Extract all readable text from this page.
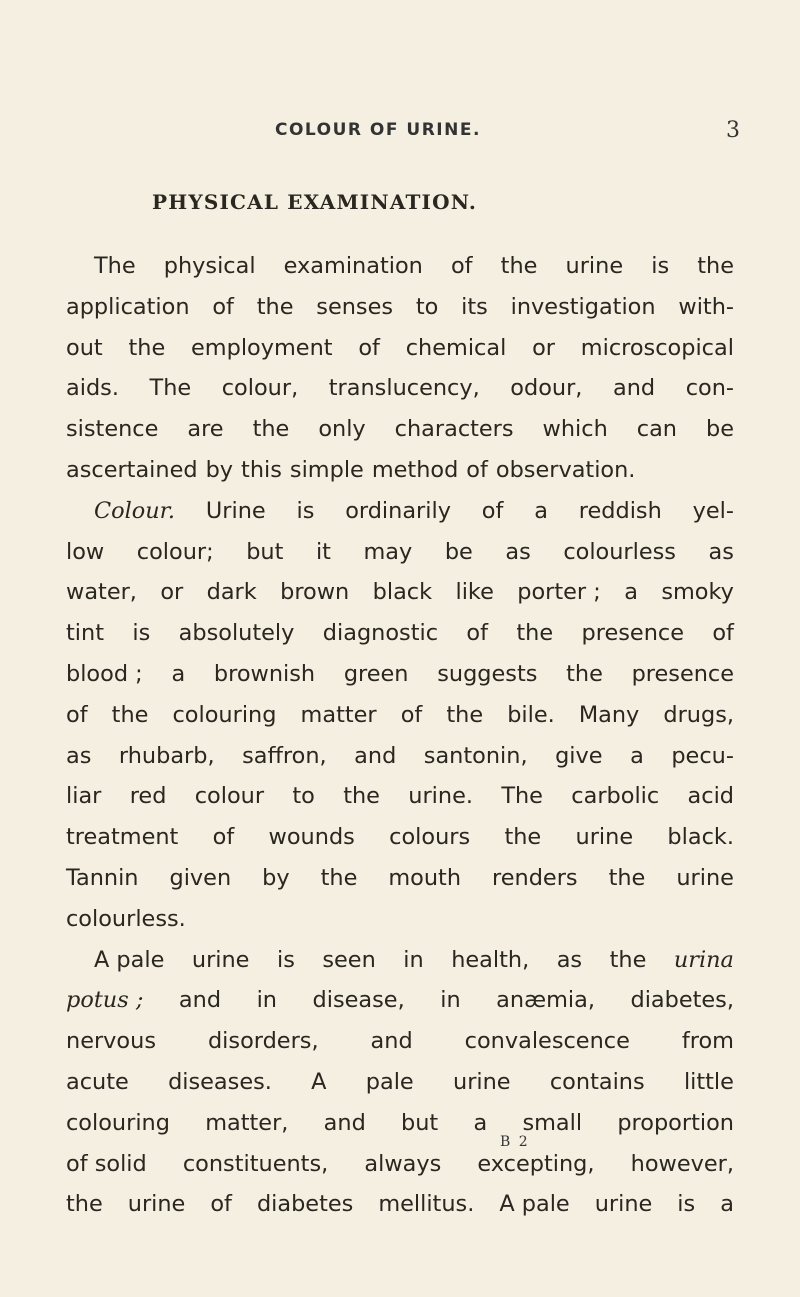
COLOUR OF URINE.	3
PHYSICAL EXAMINATION.
The physical examination of the urine is the
application of the senses to its investigation with-
out the employment of chemical or microscopical
aids. The colour, translucency, odour, and con-
sistence are the only characters which can be
ascertained by this simple method of observation.
Colour. Urine is ordinarily of a reddish yel-
low colour; but it may be as colourless as
water, or dark brown black like porter ; a smoky
tint is absolutely diagnostic of the presence of
blood ; a brownish green suggests the presence
of the colouring matter of the bile. Many drugs,
as rhubarb, saffron, and santonin, give a pecu-
liar red colour to the urine. The carbolic acid
treatment of wounds colours the urine black.
Tannin given by the mouth renders the urine
colourless.
A pale urine is seen in health, as the urina
potus ; and in disease, in anæmia, diabetes,
nervous disorders, and convalescence from
acute diseases. A pale urine contains little
colouring matter, and but a small proportion
of solid constituents, always excepting, however,
the urine of diabetes mellitus. A pale urine is a
B 2
